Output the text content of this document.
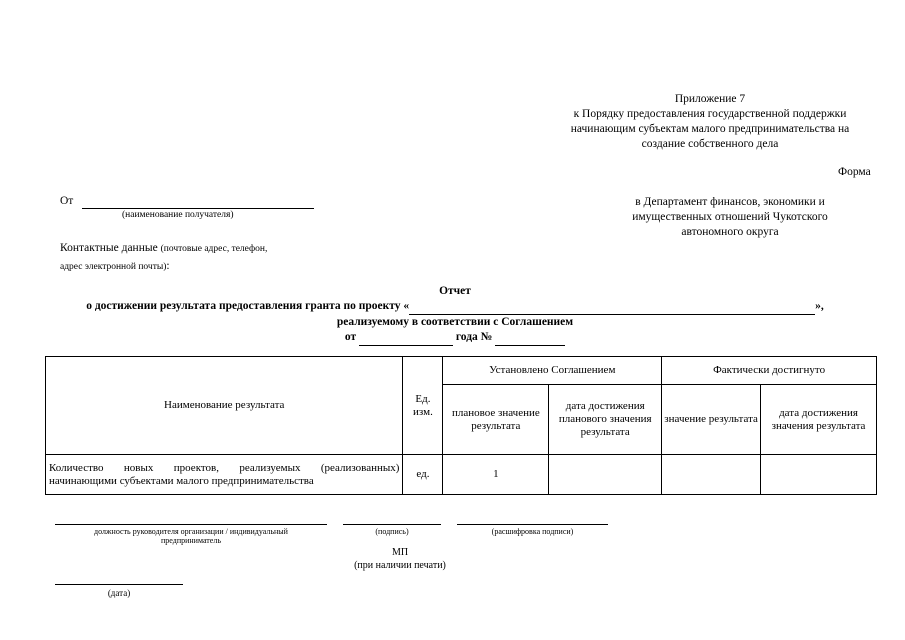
Приложение 7
к Порядку предоставления государственной поддержки
начинающим субъектам малого предпринимательства на
создание собственного дела
Форма
От
(наименование получателя)
в Департамент финансов, экономики и
имущественных отношений Чукотского
автономного округа
Контактные данные (почтовые адрес, телефон,
адрес электронной почты):
Отчет
о достижении результата предоставления гранта по проекту «	»,
реализуемому в соответствии с Соглашением
от	года №
Наименование результата	Ед. изм.	Установлено Соглашением		Фактически достигнуто	
		плановое значение результата	дата достижения планового значения результата	значение результата	дата достижения значения результата
Количество новых проектов, реализуемых (реализованных) начинающими субъектами малого предпринимательства	ед.	1			
должность руководителя организации / индивидуальный
предприниматель
(подпись)	(расшифровка подписи)
МП
(при наличии печати)
(дата)
